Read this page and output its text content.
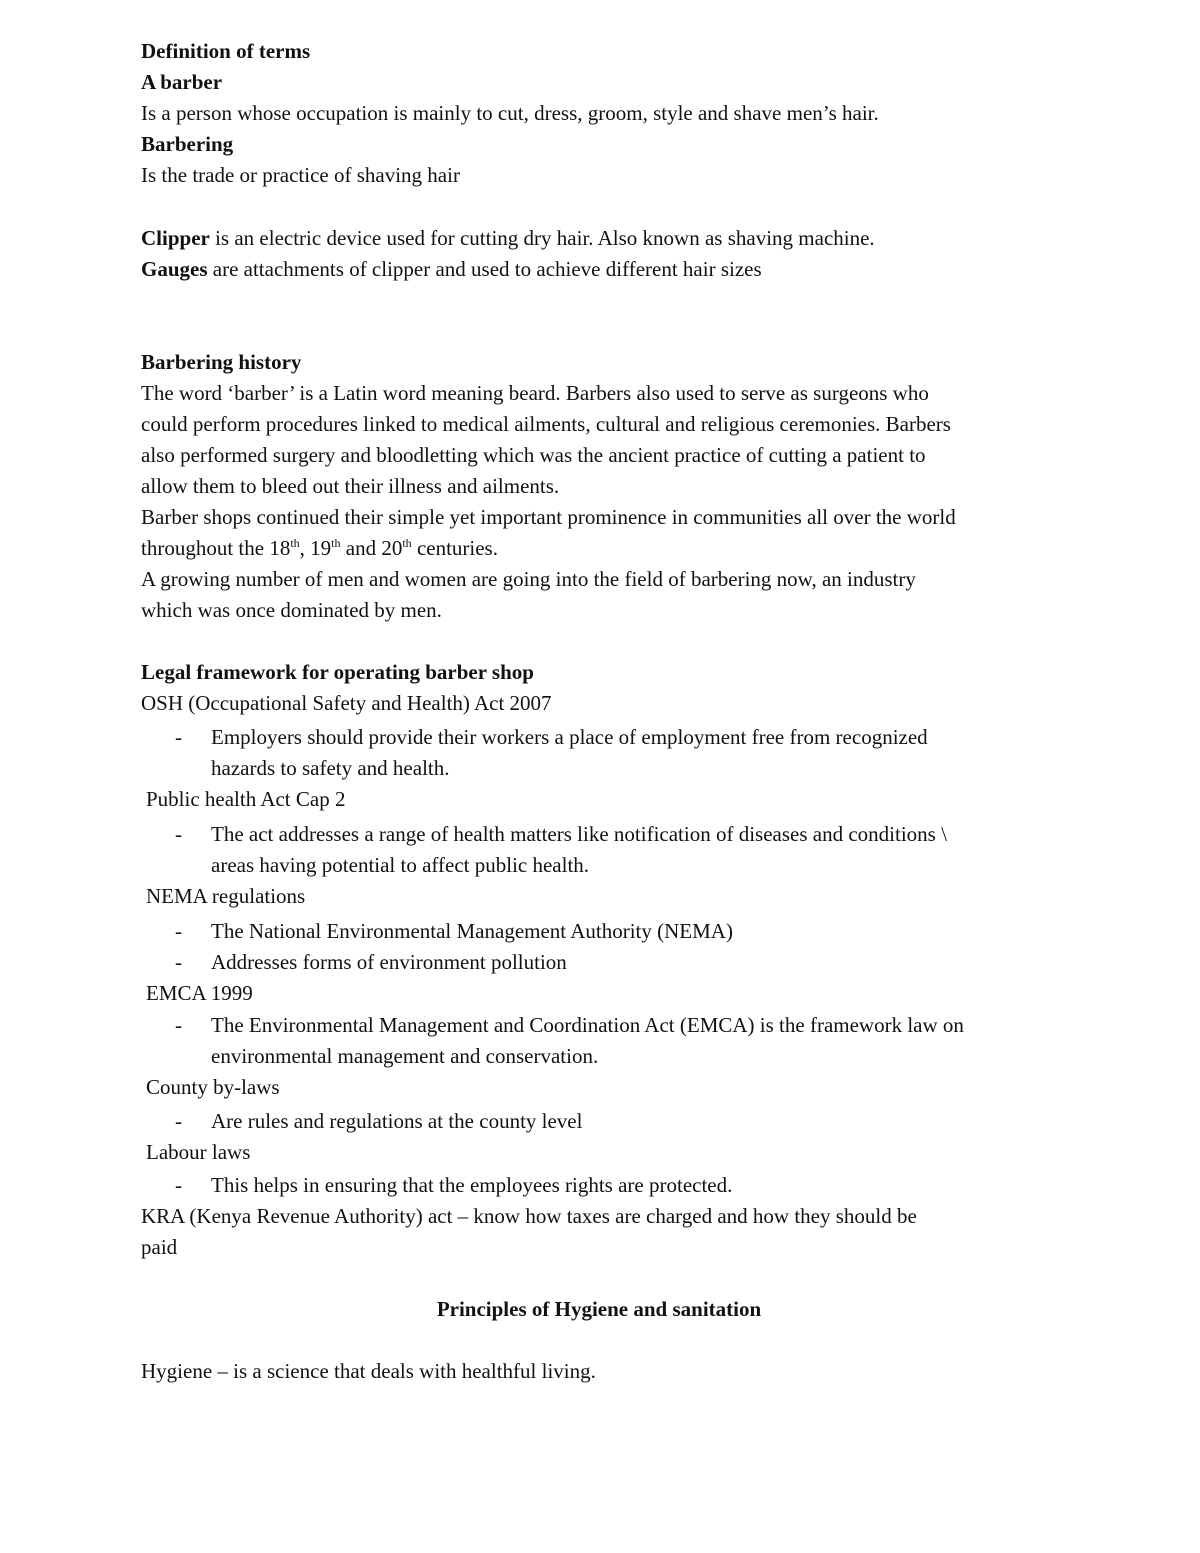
Definition of terms
A barber
Is a person whose occupation is mainly to cut, dress, groom, style and shave men’s hair.
Barbering
Is the trade or practice of shaving hair
Clipper is an electric device used for cutting dry hair. Also known as shaving machine.
Gauges are attachments of clipper and used to achieve different hair sizes
Barbering history
The word ‘barber’ is a Latin word meaning beard. Barbers also used to serve as surgeons who
could perform procedures linked to medical ailments, cultural and religious ceremonies. Barbers
also performed surgery and bloodletting which was the ancient practice of cutting a patient to
allow them to bleed out their illness and ailments.
Barber shops continued their simple yet important prominence in communities all over the world
throughout the 18th, 19th and 20th centuries.
A growing number of men and women are going into the field of barbering now, an industry
which was once dominated by men.
Legal framework for operating barber shop
OSH (Occupational Safety and Health) Act 2007
- Employers should provide their workers a place of employment free from recognized
hazards to safety and health.
Public health Act Cap 2
- The act addresses a range of health matters like notification of diseases and conditions \
areas having potential to affect public health.
NEMA regulations
- The National Environmental Management Authority (NEMA)
- Addresses forms of environment pollution
EMCA 1999
- The Environmental Management and Coordination Act (EMCA) is the framework law on
environmental management and conservation.
County by-laws
- Are rules and regulations at the county level
Labour laws
- This helps in ensuring that the employees rights are protected.
KRA (Kenya Revenue Authority) act – know how taxes are charged and how they should be
paid
Principles of Hygiene and sanitation
Hygiene – is a science that deals with healthful living.
